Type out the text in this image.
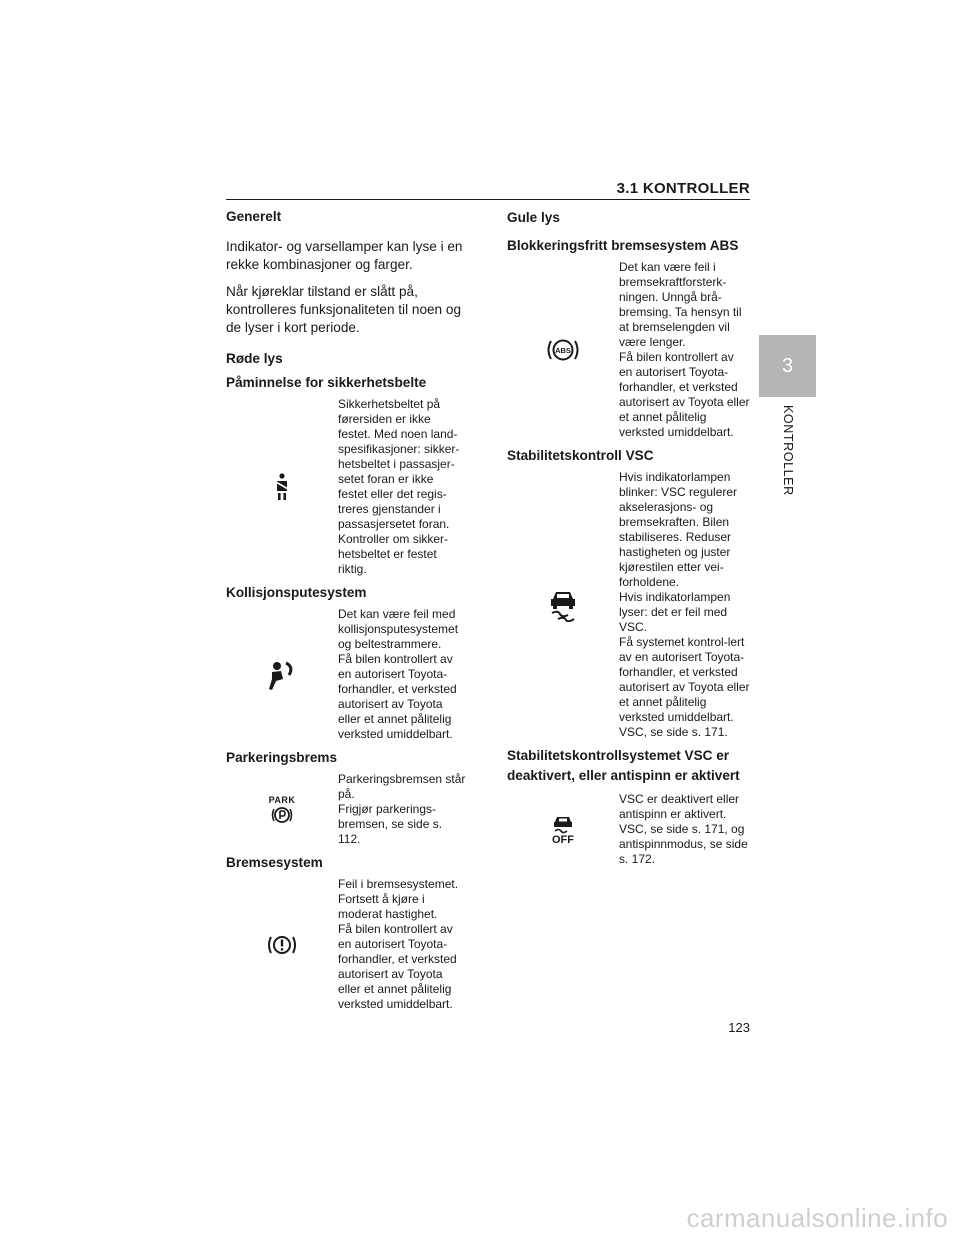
3.1 KONTROLLER
3
KONTROLLER
Generelt

Indikator- og varsellamper kan lyse i en rekke kombinasjoner og farger.

Når kjøreklar tilstand er slått på, kontrolleres funksjonaliteten til noen og de lyser i kort periode.

Røde lys
Påminnelse for sikkerhetsbelte

Sikkerhetsbeltet på førersiden er ikke festet. Med noen land-spesifikasjoner: sikker-hetsbeltet i passasjer-setet foran er ikke festet eller det regis-treres gjenstander i passasjersetet foran. Kontroller om sikker-hetsbeltet er festet riktig.

Kollisjonsputesystem

Det kan være feil med kollisjonsputesystemet og beltestrammere.

Få bilen kontrollert av en autorisert Toyota-forhandler, et verksted autorisert av Toyota eller et annet pålitelig verksted umiddelbart.

Parkeringsbrems
PARK

Parkeringsbremsen står på.

Frigjør parkerings-bremsen, se side s. 112.

Bremsesystem

Feil i bremsesystemet. Fortsett å kjøre i moderat hastighet.

Få bilen kontrollert av en autorisert Toyota-forhandler, et verksted autorisert av Toyota eller et annet pålitelig verksted umiddelbart.

Gule lys
Blokkeringsfritt bremsesystem ABS
ABS

Det kan være feil i bremsekraftforsterk-ningen. Unngå brå-bremsing. Ta hensyn til at bremselengden vil være lenger.

Få bilen kontrollert av en autorisert Toyota-forhandler, et verksted autorisert av Toyota eller et annet pålitelig verksted umiddelbart.

Stabilitetskontroll VSC

Hvis indikatorlampen blinker: VSC regulerer akselerasjons- og bremsekraften. Bilen stabiliseres. Reduser hastigheten og juster kjørestilen etter vei-forholdene.

Hvis indikatorlampen lyser: det er feil med VSC.

Få systemet kontrol-lert av en autorisert Toyota-forhandler, et verksted autorisert av Toyota eller et annet pålitelig verksted umiddelbart.

VSC, se side s. 171.

Stabilitetskontrollsystemet VSC er deaktivert, eller antispinn er aktivert
OFF

VSC er deaktivert eller antispinn er aktivert.

VSC, se side s. 171, og antispinnmodus, se side s. 172.

123
carmanualsonline.info
